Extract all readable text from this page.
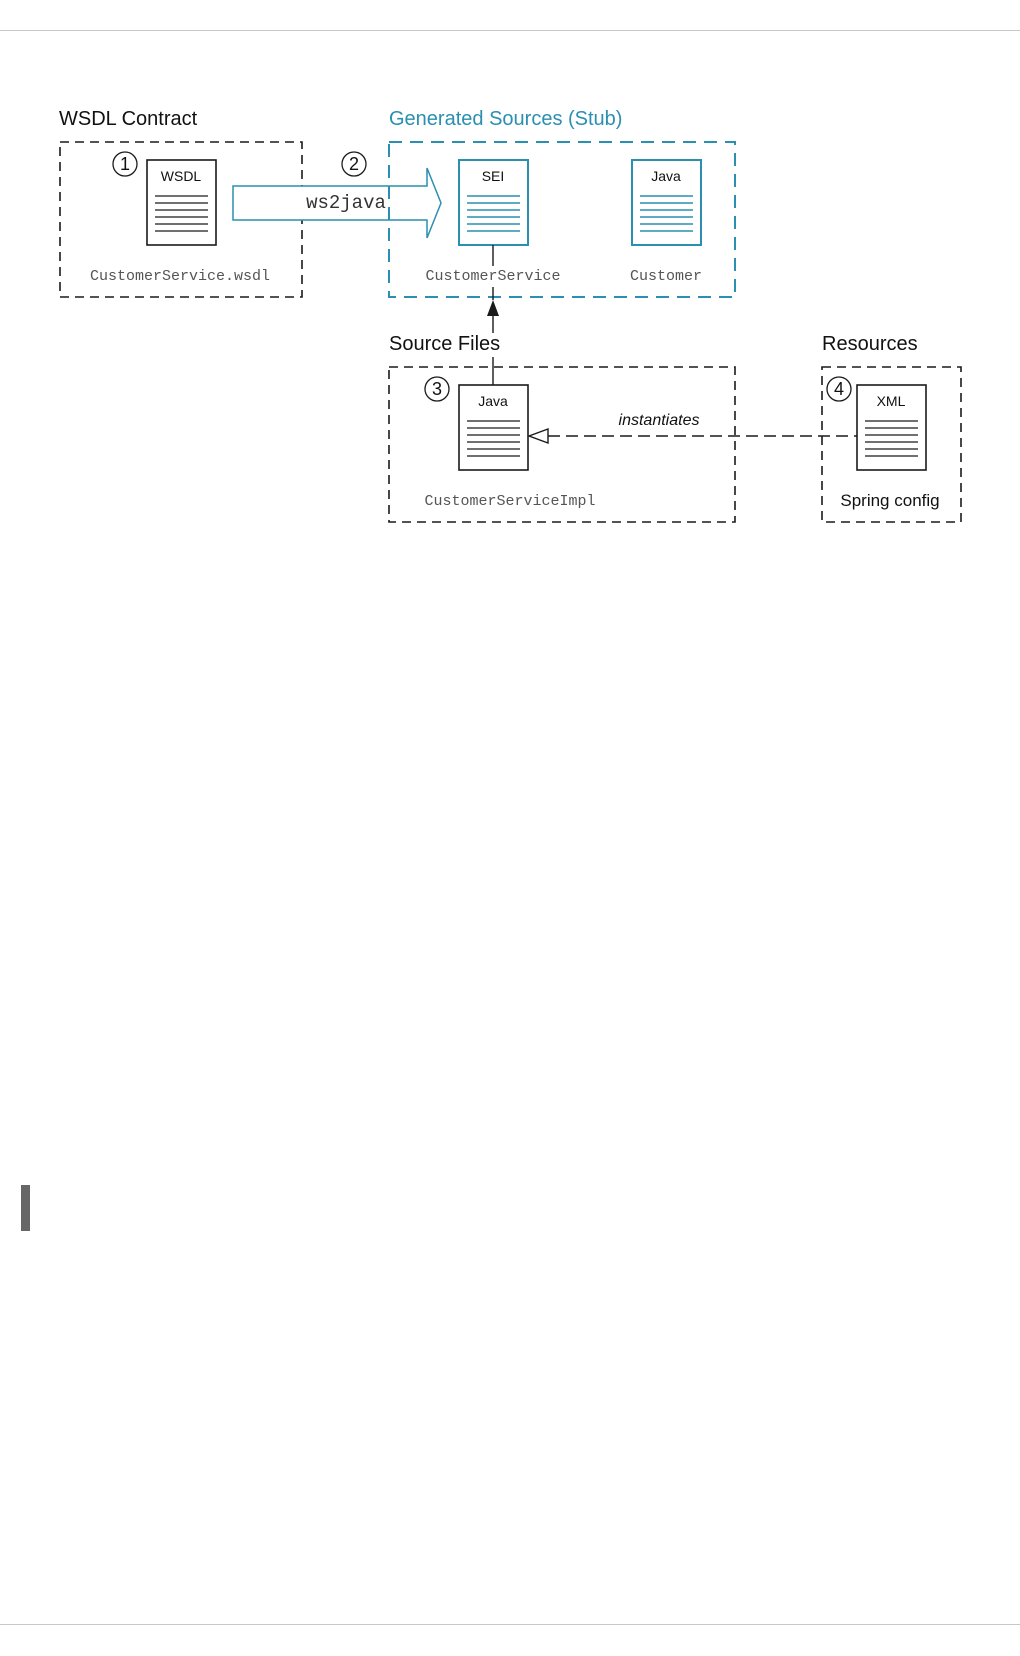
WSDL Contract
1
WSDL
CustomerService.wsdl
ws2java
Generated Sources (Stub)
2
SEI
CustomerService
Java
Customer
Source Files
3
Java
CustomerServiceImpl
instantiates
Resources
4
XML
Spring config
